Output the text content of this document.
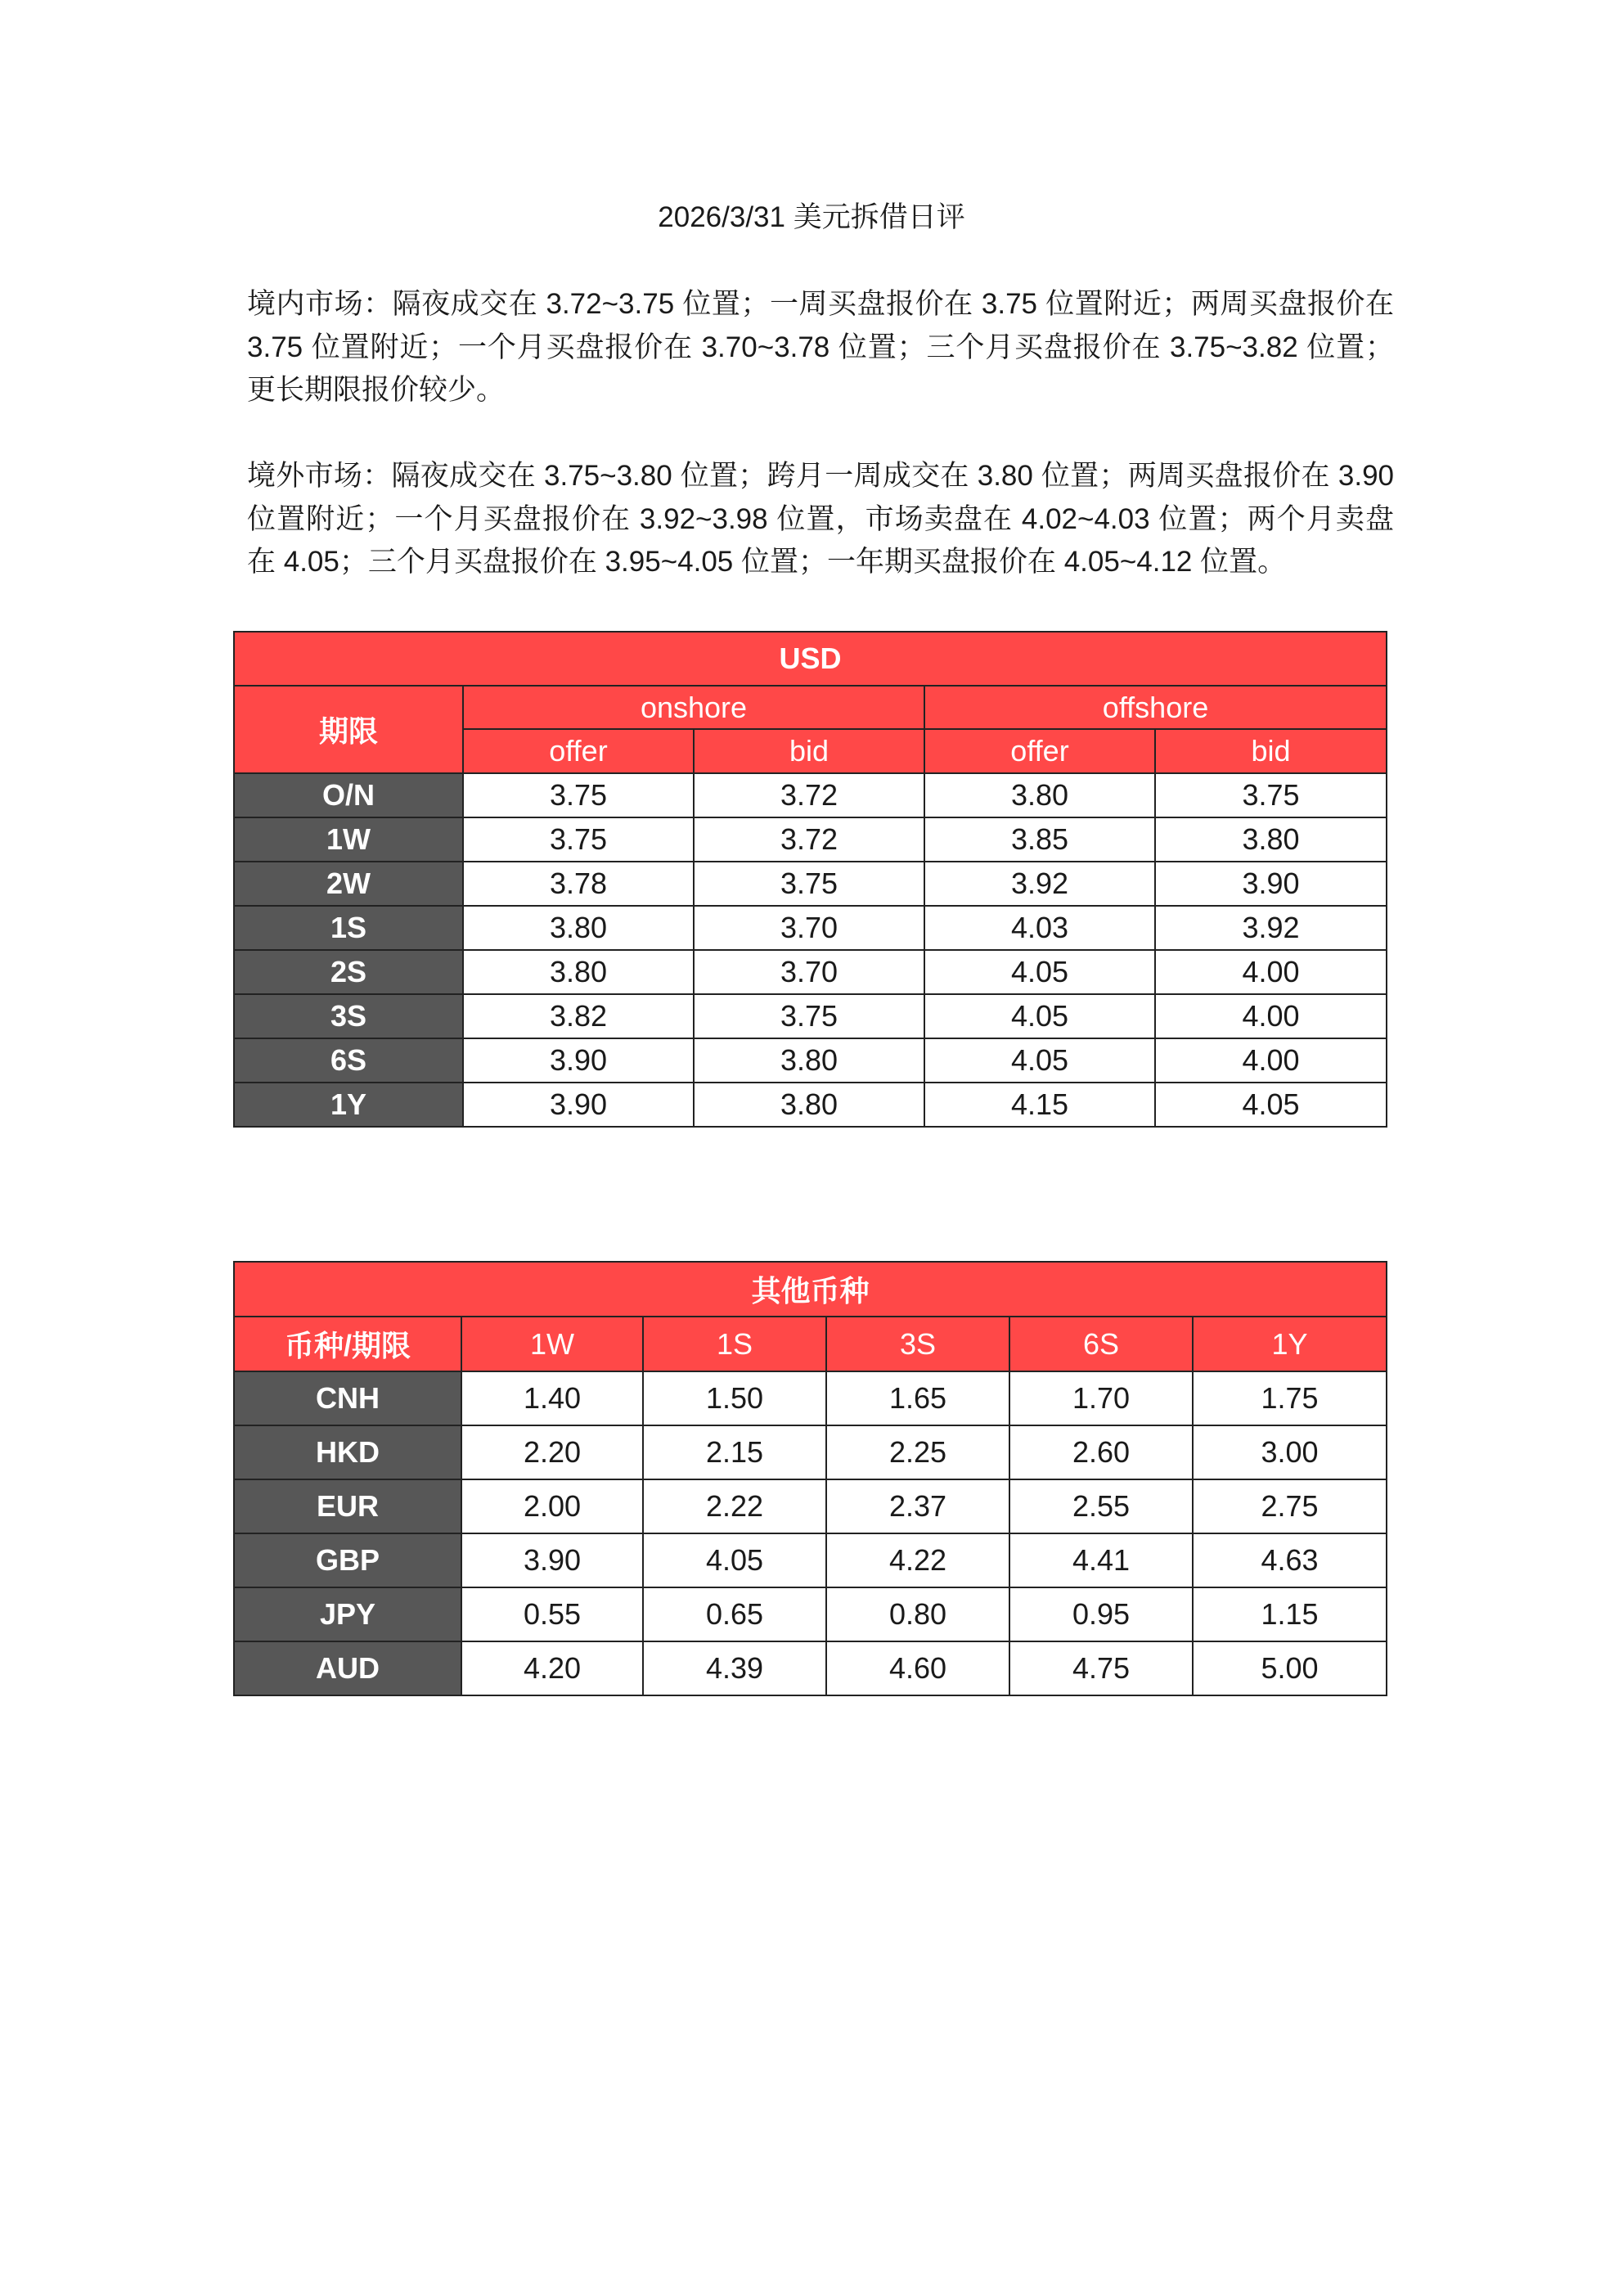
2026/3/31 美元拆借日评
境内市场：隔夜成交在 3.72~3.75 位置；一周买盘报价在 3.75 位置附近；两周买盘报价在 3.75 位置附近；一个月买盘报价在 3.70~3.78 位置；三个月买盘报价在 3.75~3.82 位置；更长期限报价较少。
境外市场：隔夜成交在 3.75~3.80 位置；跨月一周成交在 3.80 位置；两周买盘报价在 3.90 位置附近；一个月买盘报价在 3.92~3.98 位置，市场卖盘在 4.02~4.03 位置；两个月卖盘在 4.05；三个月买盘报价在 3.95~4.05 位置；一年期买盘报价在 4.05~4.12 位置。
USD				
期限	onshore		offshore	
	offer	bid	offer	bid
O/N	3.75	3.72	3.80	3.75
1W	3.75	3.72	3.85	3.80
2W	3.78	3.75	3.92	3.90
1S	3.80	3.70	4.03	3.92
2S	3.80	3.70	4.05	4.00
3S	3.82	3.75	4.05	4.00
6S	3.90	3.80	4.05	4.00
1Y	3.90	3.80	4.15	4.05
其他币种					
币种/期限	1W	1S	3S	6S	1Y
CNH	1.40	1.50	1.65	1.70	1.75
HKD	2.20	2.15	2.25	2.60	3.00
EUR	2.00	2.22	2.37	2.55	2.75
GBP	3.90	4.05	4.22	4.41	4.63
JPY	0.55	0.65	0.80	0.95	1.15
AUD	4.20	4.39	4.60	4.75	5.00
